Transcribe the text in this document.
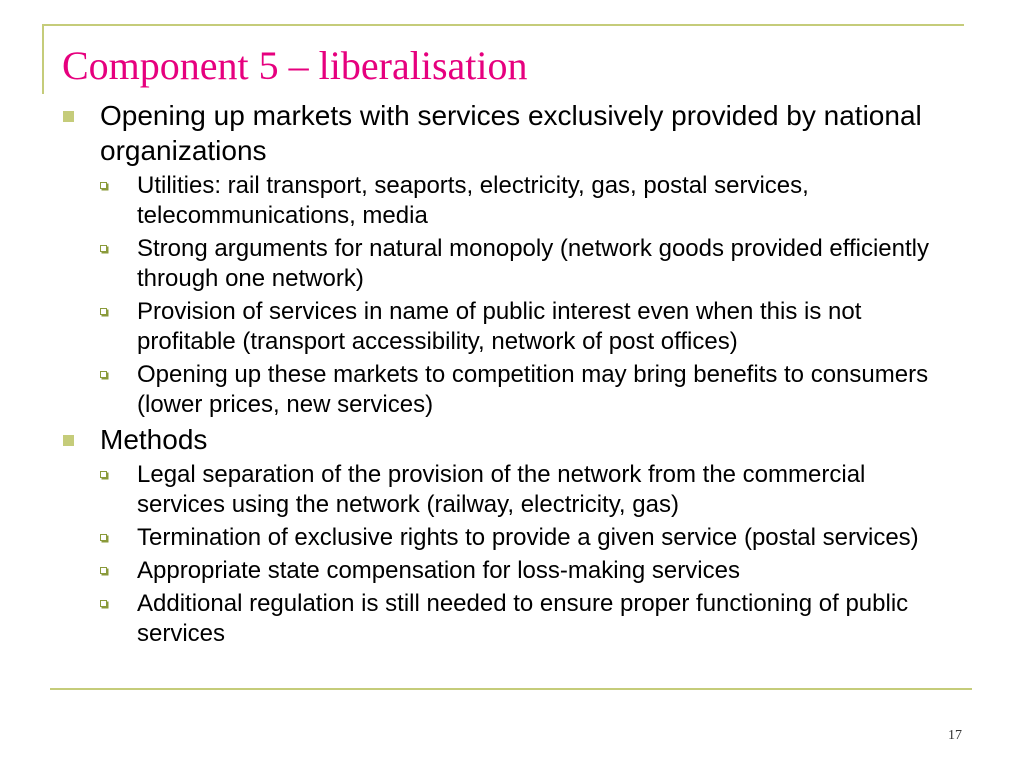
Component 5 – liberalisation
Opening up markets with services exclusively provided by national organizations
Utilities: rail transport, seaports, electricity, gas, postal services, telecommunications, media
Strong arguments for natural monopoly (network goods provided efficiently through one network)
Provision of services in name of public interest even when this is not profitable (transport accessibility, network of post offices)
Opening up these markets to competition may bring benefits to consumers (lower prices, new services)
Methods
Legal separation of the provision of the network from the commercial services using the network (railway, electricity, gas)
Termination of exclusive rights to provide a given service (postal services)
Appropriate state compensation for loss-making services
Additional regulation is still needed to ensure proper functioning of public services
17
